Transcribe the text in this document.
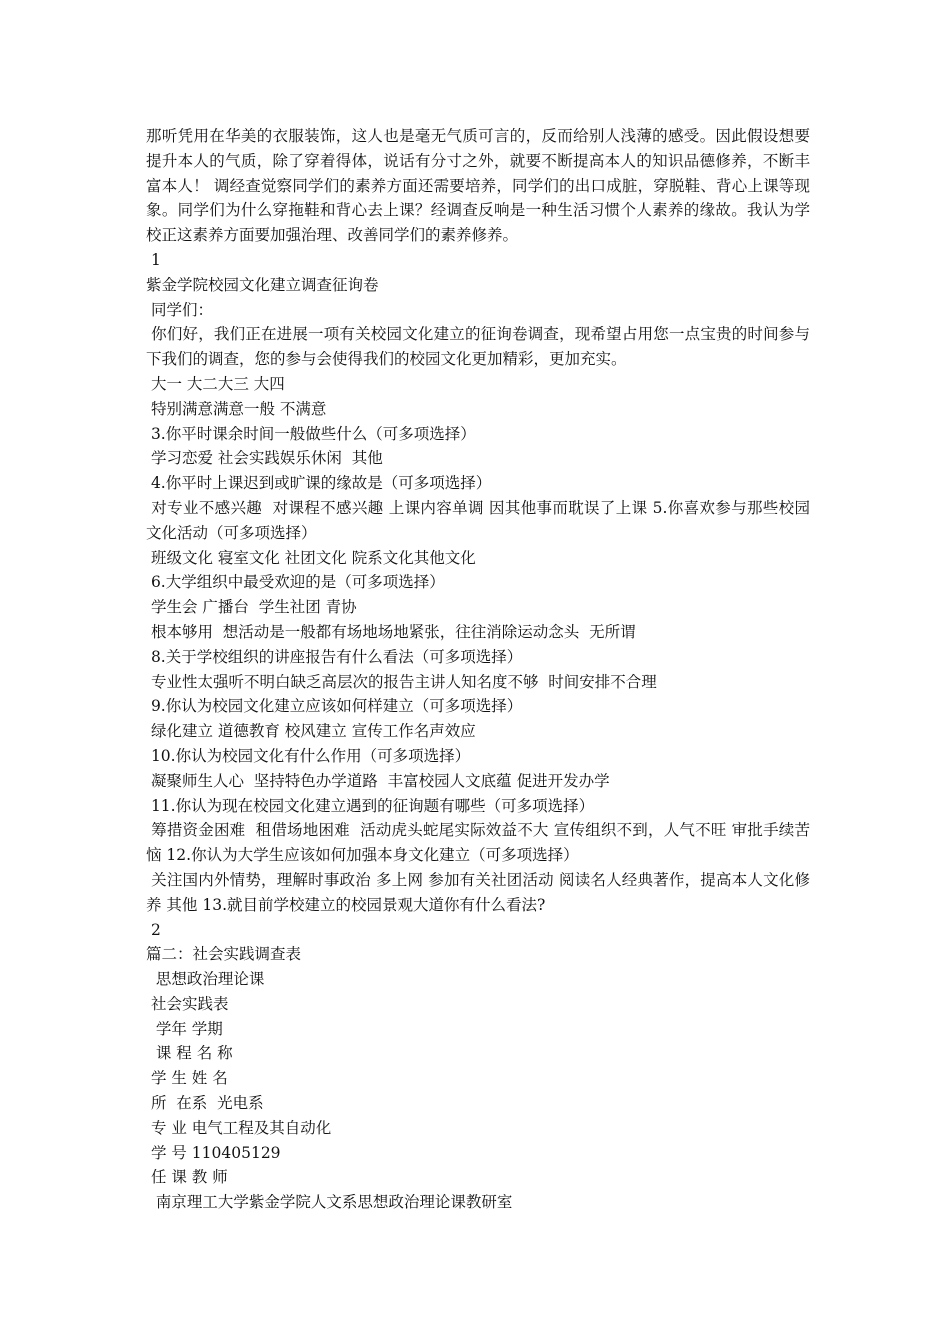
那听凭用在华美的衣服装饰，这人也是毫无气质可言的，反而给别人浅薄的感受。因此假设想要提升本人的气质，除了穿着得体，说话有分寸之外，就要不断提高本人的知识品德修养，不断丰富本人！ 调经查觉察同学们的素养方面还需要培养，同学们的出口成脏，穿脱鞋、背心上课等现象。同学们为什么穿拖鞋和背心去上课？经调查反响是一种生活习惯个人素养的缘故。我认为学校正这素养方面要加强治理、改善同学们的素养修养。

1

紫金学院校园文化建立调查征询卷

同学们：

你们好，我们正在进展一项有关校园文化建立的征询卷调查，现希望占用您一点宝贵的时间参与下我们的调查，您的参与会使得我们的校园文化更加精彩，更加充实。

大一 大二大三 大四

特别满意满意一般 不满意

3.你平时课余时间一般做些什么（可多项选择）

学习恋爱 社会实践娱乐休闲  其他

4.你平时上课迟到或旷课的缘故是（可多项选择）

对专业不感兴趣  对课程不感兴趣 上课内容单调 因其他事而耽误了上课 5.你喜欢参与那些校园文化活动（可多项选择）

班级文化 寝室文化 社团文化 院系文化其他文化

6.大学组织中最受欢迎的是（可多项选择）

学生会 广播台  学生社团 青协

根本够用  想活动是一般都有场地场地紧张，往往消除运动念头  无所谓

8.关于学校组织的讲座报告有什么看法（可多项选择）

专业性太强听不明白缺乏高层次的报告主讲人知名度不够  时间安排不合理

9.你认为校园文化建立应该如何样建立（可多项选择）

绿化建立 道德教育 校风建立 宣传工作名声效应

10.你认为校园文化有什么作用（可多项选择）

凝聚师生人心  坚持特色办学道路  丰富校园人文底蕴 促进开发办学

11.你认为现在校园文化建立遇到的征询题有哪些（可多项选择）

筹措资金困难  租借场地困难  活动虎头蛇尾实际效益不大 宣传组织不到，人气不旺 审批手续苦恼 12.你认为大学生应该如何加强本身文化建立（可多项选择）

关注国内外情势，理解时事政治 多上网 参加有关社团活动 阅读名人经典著作，提高本人文化修养 其他 13.就目前学校建立的校园景观大道你有什么看法?

2

篇二：社会实践调查表

思想政治理论课

社会实践表

学年 学期

课 程 名 称

学 生 姓 名

所  在系  光电系

专 业 电气工程及其自动化

学 号 110405129

任 课 教 师

南京理工大学紫金学院人文系思想政治理论课教研室
